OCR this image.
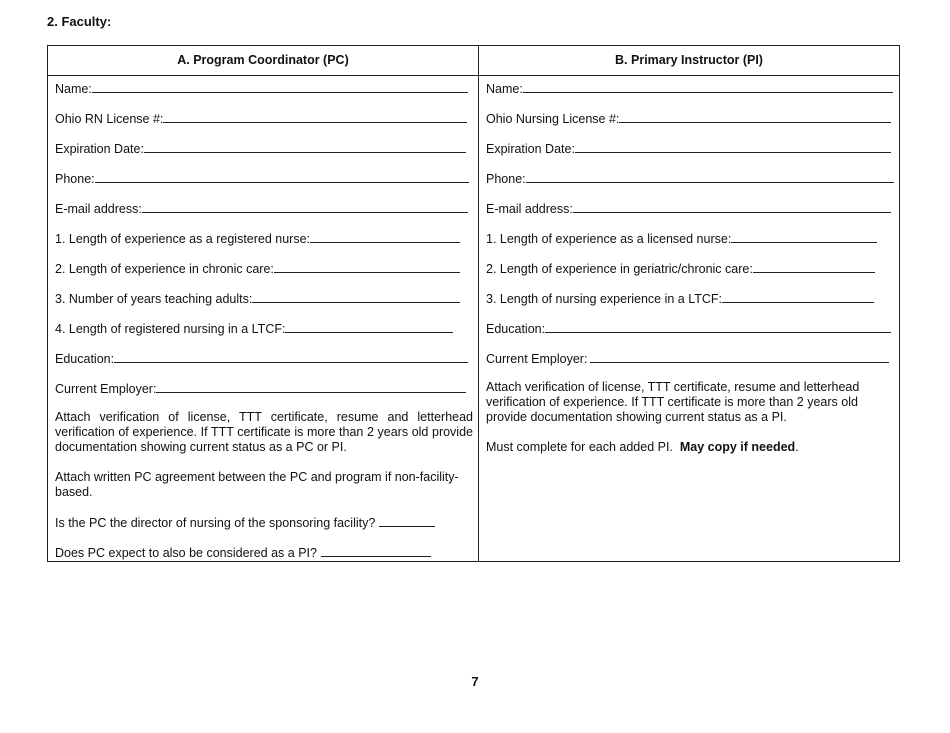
2. Faculty:
A. Program Coordinator (PC)
Name:
Ohio RN License #:
Expiration Date:
Phone:
E-mail address:
1. Length of experience as a registered nurse:
2. Length of experience in chronic care:
3. Number of years teaching adults:
4. Length of registered nursing in a LTCF:
Education:
Current Employer:
Attach verification of license, TTT certificate, resume and letterhead verification of experience. If TTT certificate is more than 2 years old provide documentation showing current status as a PC or PI.
Attach written PC agreement between the PC and program if non-facility-based.
Is the PC the director of nursing of the sponsoring facility?
Does PC expect to also be considered as a PI?
B. Primary Instructor (PI)
Name:
Ohio Nursing License #:
Expiration Date:
Phone:
E-mail address:
1. Length of experience as a licensed nurse:
2. Length of experience in geriatric/chronic care:
3. Length of nursing experience in a LTCF:
Education:
Current Employer:
Attach verification of license, TTT certificate, resume and letterhead verification of experience. If TTT certificate is more than 2 years old provide documentation showing current status as a PI.
Must complete for each added PI. May copy if needed.
7
